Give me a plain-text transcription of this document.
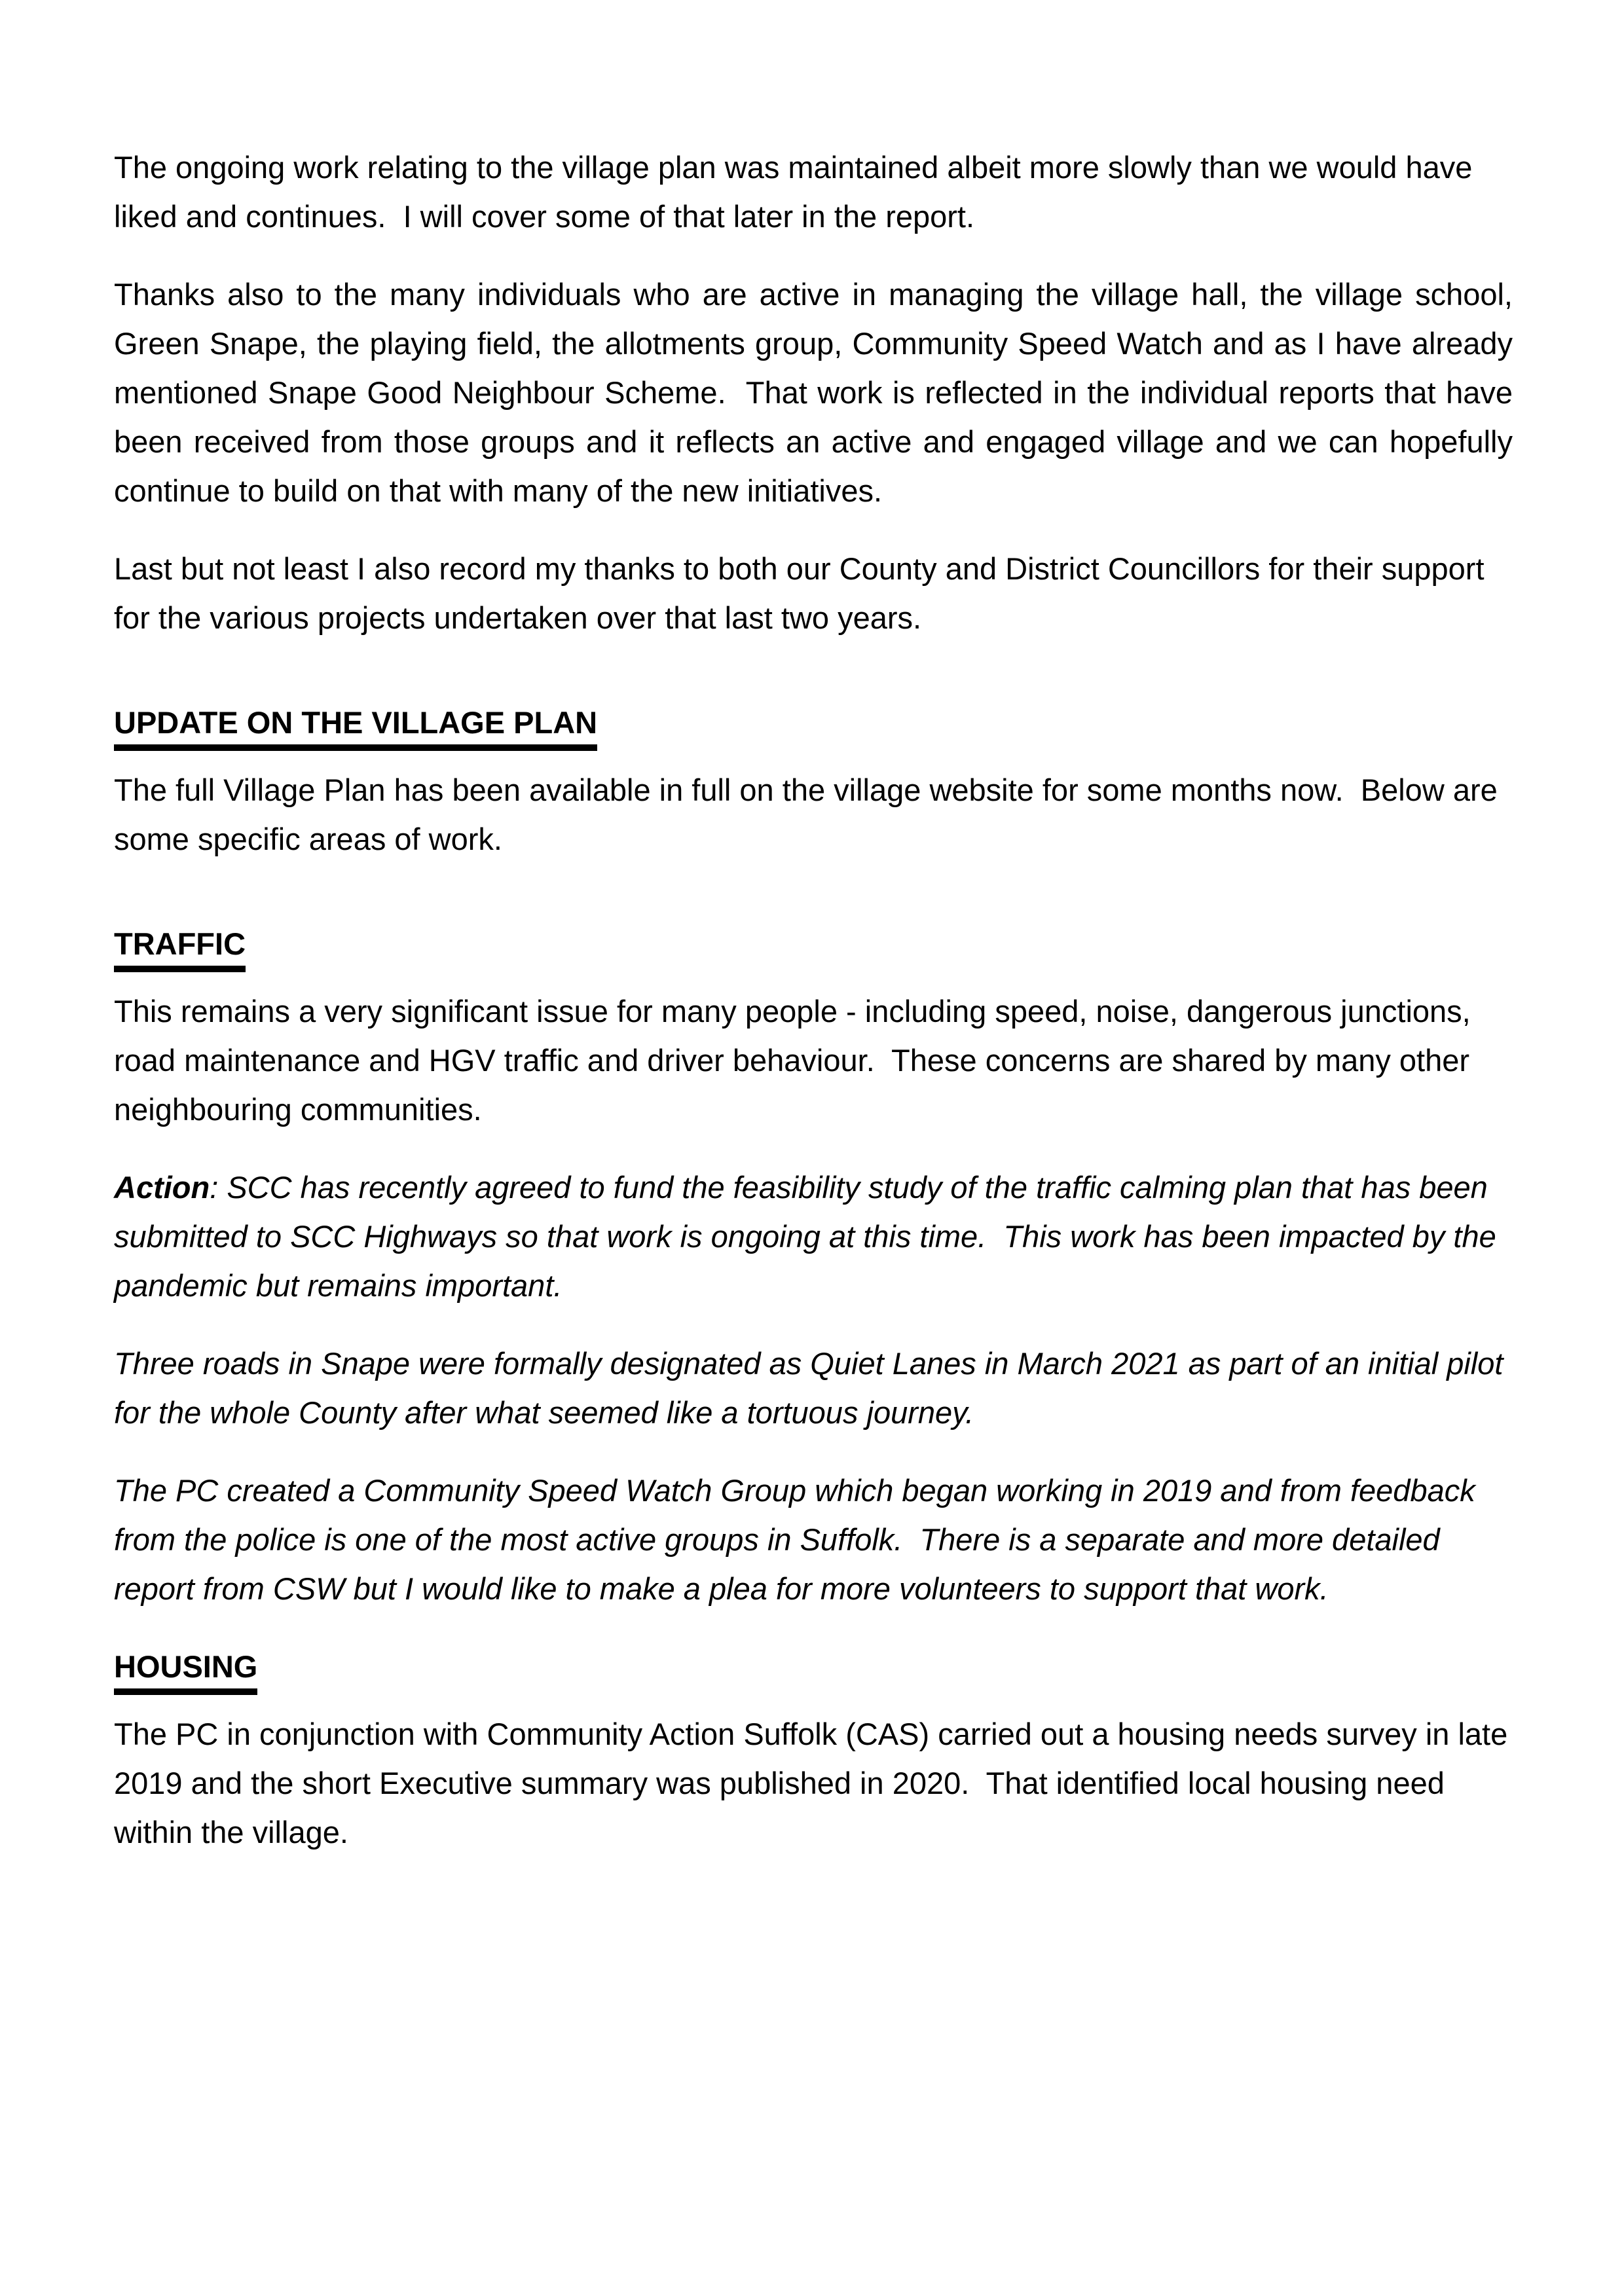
The ongoing work relating to the village plan was maintained albeit more slowly than we would have liked and continues.  I will cover some of that later in the report.

Thanks also to the many individuals who are active in managing the village hall, the village school, Green Snape, the playing field, the allotments group, Community Speed Watch and as I have already mentioned Snape Good Neighbour Scheme.  That work is reflected in the individual reports that have been received from those groups and it reflects an active and engaged village and we can hopefully continue to build on that with many of the new initiatives.

Last but not least I also record my thanks to both our County and District Councillors for their support for the various projects undertaken over that last two years.

UPDATE ON THE VILLAGE PLAN

The full Village Plan has been available in full on the village website for some months now.  Below are some specific areas of work.

TRAFFIC

This remains a very significant issue for many people - including speed, noise, dangerous junctions, road maintenance and HGV traffic and driver behaviour.  These concerns are shared by many other neighbouring communities.

Action: SCC has recently agreed to fund the feasibility study of the traffic calming plan that has been submitted to SCC Highways so that work is ongoing at this time.  This work has been impacted by the pandemic but remains important.

Three roads in Snape were formally designated as Quiet Lanes in March 2021 as part of an initial pilot for the whole County after what seemed like a tortuous journey.

The PC created a Community Speed Watch Group which began working in 2019 and from feedback from the police is one of the most active groups in Suffolk.  There is a separate and more detailed report from CSW but I would like to make a plea for more volunteers to support that work.

HOUSING

The PC in conjunction with Community Action Suffolk (CAS) carried out a housing needs survey in late 2019 and the short Executive summary was published in 2020.  That identified local housing need within the village.
